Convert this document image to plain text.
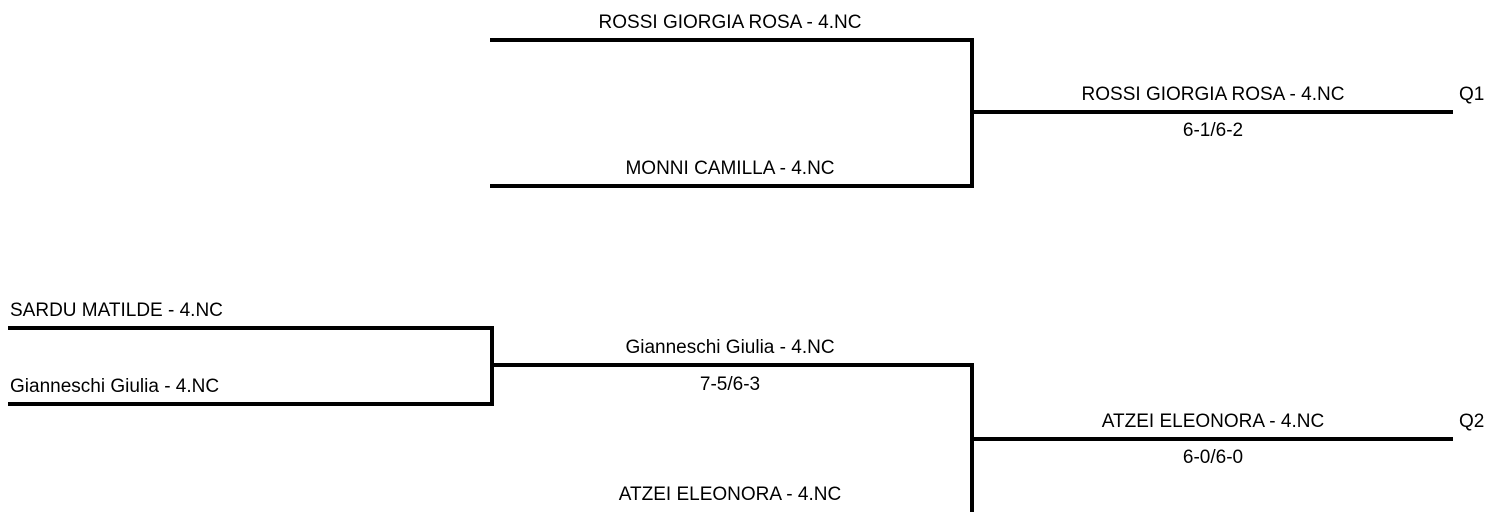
ROSSI GIORGIA ROSA - 4.NC
MONNI CAMILLA - 4.NC
ROSSI GIORGIA ROSA - 4.NC
6-1/6-2
Q1
SARDU MATILDE - 4.NC
Gianneschi Giulia - 4.NC
Gianneschi Giulia - 4.NC
7-5/6-3
ATZEI ELEONORA - 4.NC
ATZEI ELEONORA - 4.NC
6-0/6-0
Q2
